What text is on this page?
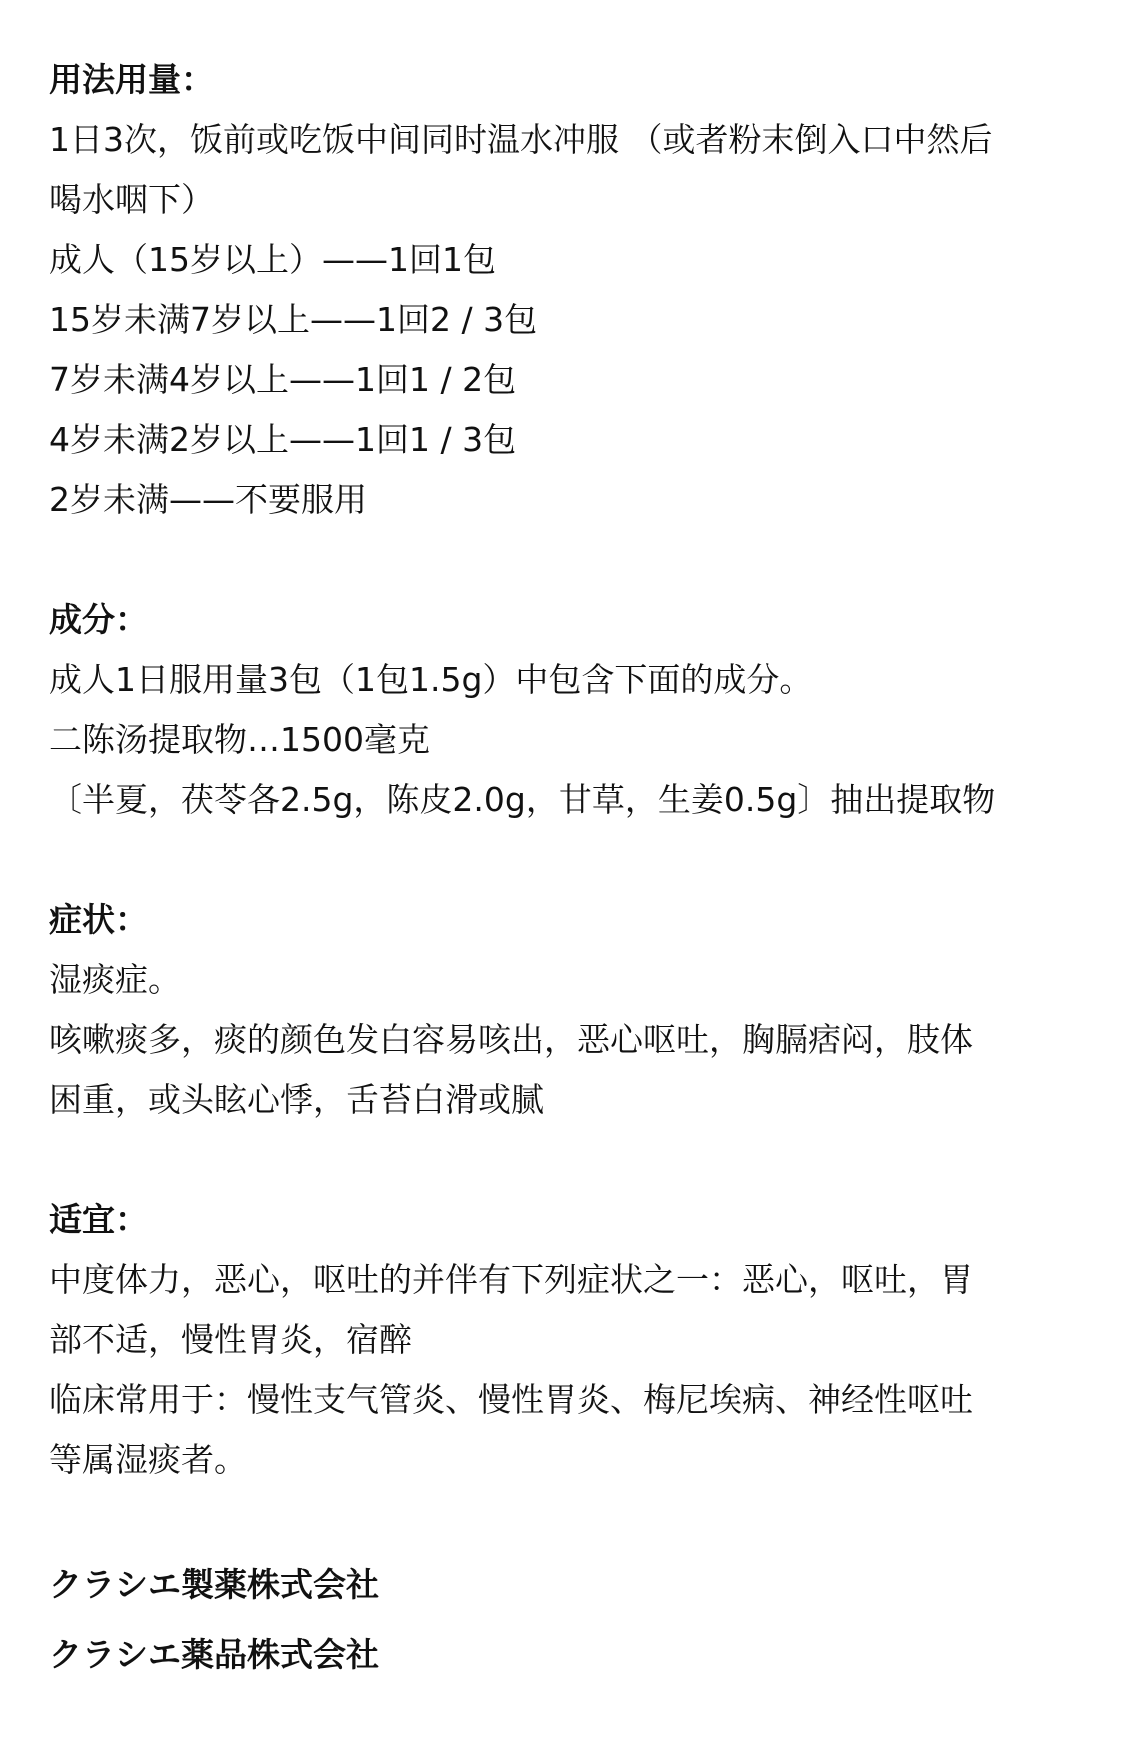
用法用量：
1日3次，饭前或吃饭中间同时温水冲服 （或者粉末倒入口中然后
喝水咽下）
成人（15岁以上）——1回1包
15岁未满7岁以上——1回2 / 3包
7岁未满4岁以上——1回1 / 2包
4岁未满2岁以上——1回1 / 3包
2岁未满——不要服用
成分：
成人1日服用量3包（1包1.5g）中包含下面的成分。
二陈汤提取物…1500毫克
〔半夏，茯苓各2.5g，陈皮2.0g，甘草，生姜0.5g〕抽出提取物
症状：
湿痰症。
咳嗽痰多，痰的颜色发白容易咳出，恶心呕吐，胸膈痞闷，肢体
困重，或头眩心悸，舌苔白滑或腻
适宜：
中度体力，恶心，呕吐的并伴有下列症状之一：恶心，呕吐，胃
部不适，慢性胃炎，宿醉
临床常用于：慢性支气管炎、慢性胃炎、梅尼埃病、神经性呕吐
等属湿痰者。
クラシエ製薬株式会社
クラシエ薬品株式会社
